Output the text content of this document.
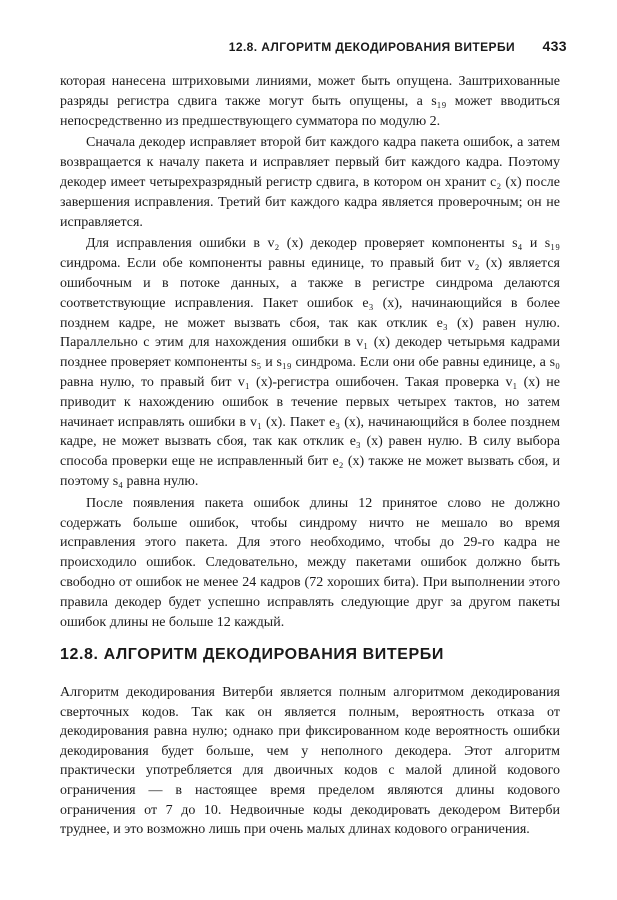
12.8. АЛГОРИТМ ДЕКОДИРОВАНИЯ ВИТЕРБИ 433

которая нанесена штриховыми линиями, может быть опущена. Заштрихованные разряды регистра сдвига также могут быть опущены, а s₁₉ может вводиться непосредственно из предшествующего сумматора по модулю 2.

Сначала декодер исправляет второй бит каждого кадра пакета ошибок, а затем возвращается к началу пакета и исправляет первый бит каждого кадра. Поэтому декодер имеет четырехразрядный регистр сдвига, в котором он хранит c₂ (x) после завершения исправления. Третий бит каждого кадра является проверочным; он не исправляется.

Для исправления ошибки в v₂ (x) декодер проверяет компоненты s₄ и s₁₉ синдрома. Если обе компоненты равны единице, то правый бит v₂ (x) является ошибочным и в потоке данных, а также в регистре синдрома делаются соответствующие исправления. Пакет ошибок e₃ (x), начинающийся в более позднем кадре, не может вызвать сбоя, так как отклик e₃ (x) равен нулю. Параллельно с этим для нахождения ошибки в v₁ (x) декодер четырьмя кадрами позднее проверяет компоненты s₅ и s₁₉ синдрома. Если они обе равны единице, а s₀ равна нулю, то правый бит v₁ (x)-регистра ошибочен. Такая проверка v₁ (x) не приводит к нахождению ошибок в течение первых четырех тактов, но затем начинает исправлять ошибки в v₁ (x). Пакет e₃ (x), начинающийся в более позднем кадре, не может вызвать сбоя, так как отклик e₃ (x) равен нулю. В силу выбора способа проверки еще не исправленный бит e₂ (x) также не может вызвать сбоя, и поэтому s₄ равна нулю.

После появления пакета ошибок длины 12 принятое слово не должно содержать больше ошибок, чтобы синдрому ничто не мешало во время исправления этого пакета. Для этого необходимо, чтобы до 29-го кадра не происходило ошибок. Следовательно, между пакетами ошибок должно быть свободно от ошибок не менее 24 кадров (72 хороших бита). При выполнении этого правила декодер будет успешно исправлять следующие друг за другом пакеты ошибок длины не больше 12 каждый.

12.8. АЛГОРИТМ ДЕКОДИРОВАНИЯ ВИТЕРБИ

Алгоритм декодирования Витерби является полным алгоритмом декодирования сверточных кодов. Так как он является полным, вероятность отказа от декодирования равна нулю; однако при фиксированном коде вероятность ошибки декодирования будет больше, чем у неполного декодера. Этот алгоритм практически употребляется для двоичных кодов с малой длиной кодового ограничения — в настоящее время пределом являются длины кодового ограничения от 7 до 10. Недвоичные коды декодировать декодером Витерби труднее, и это возможно лишь при очень малых длинах кодового ограничения.
